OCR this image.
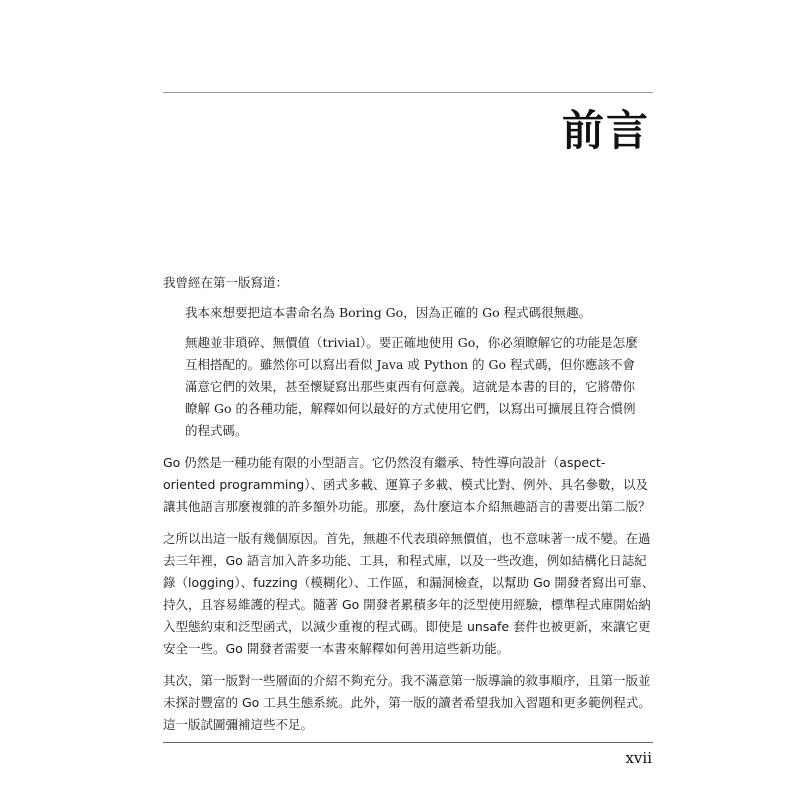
前言

我曾經在第一版寫道：

我本來想要把這本書命名為 Boring Go，因為正確的 Go 程式碼很無趣。

無趣並非瑣碎、無價值（trivial）。要正確地使用 Go，你必須瞭解它的功能是怎麼互相搭配的。雖然你可以寫出看似 Java 或 Python 的 Go 程式碼，但你應該不會滿意它們的效果，甚至懷疑寫出那些東西有何意義。這就是本書的目的，它將帶你瞭解 Go 的各種功能，解釋如何以最好的方式使用它們，以寫出可擴展且符合慣例的程式碼。

Go 仍然是一種功能有限的小型語言。它仍然沒有繼承、特性導向設計（aspect-oriented programming）、函式多載、運算子多載、模式比對、例外、具名參數，以及讓其他語言那麼複雜的許多額外功能。那麼，為什麼這本介紹無趣語言的書要出第二版？

之所以出這一版有幾個原因。首先，無趣不代表瑣碎無價值，也不意味著一成不變。在過去三年裡，Go 語言加入許多功能、工具，和程式庫，以及一些改進，例如結構化日誌紀錄（logging）、fuzzing（模糊化）、工作區，和漏洞檢查，以幫助 Go 開發者寫出可靠、持久，且容易維護的程式。隨著 Go 開發者累積多年的泛型使用經驗，標準程式庫開始納入型態約束和泛型函式，以減少重複的程式碼。即使是 unsafe 套件也被更新，來讓它更安全一些。Go 開發者需要一本書來解釋如何善用這些新功能。

其次，第一版對一些層面的介紹不夠充分。我不滿意第一版導論的敘事順序，且第一版並未探討豐富的 Go 工具生態系統。此外，第一版的讀者希望我加入習題和更多範例程式。這一版試圖彌補這些不足。

xvii
